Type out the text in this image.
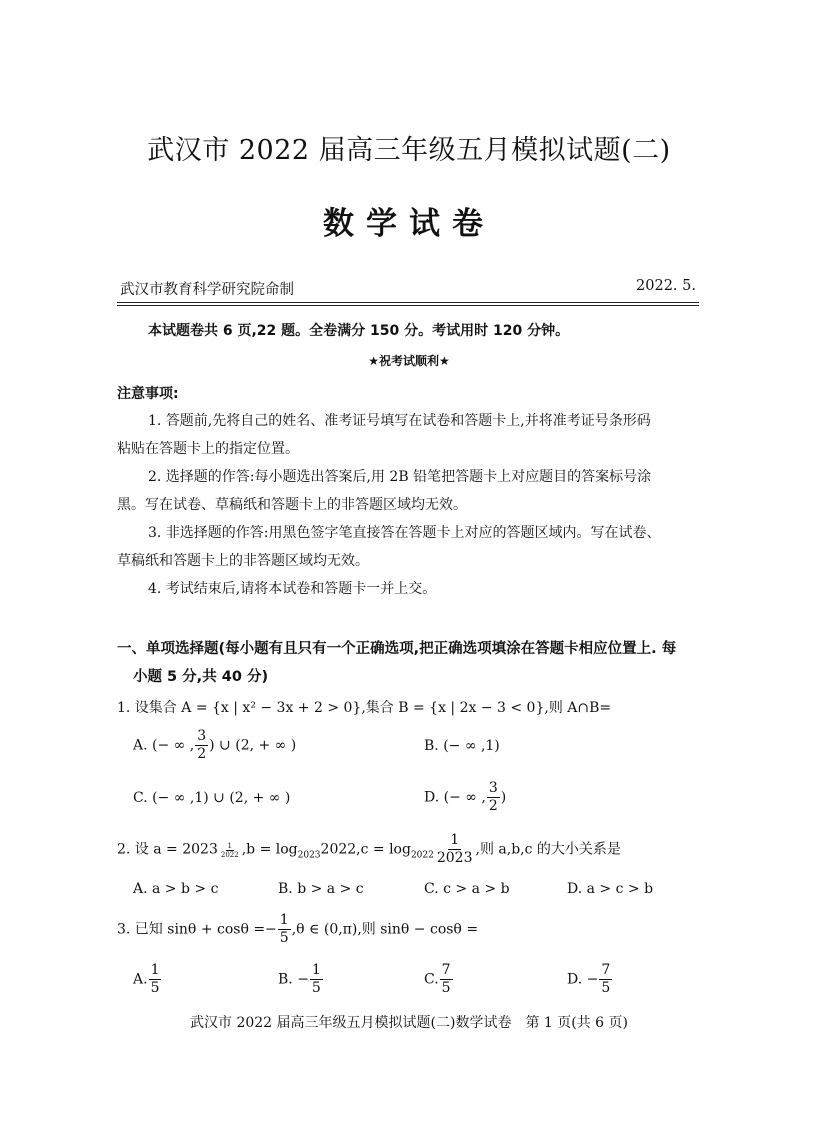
武汉市 2022 届高三年级五月模拟试题(二)
数学试卷
武汉市教育科学研究院命制	2022. 5.
本试题卷共 6 页,22 题。全卷满分 150 分。考试用时 120 分钟。
★祝考试顺利★
注意事项:
1. 答题前,先将自己的姓名、准考证号填写在试卷和答题卡上,并将准考证号条形码
粘贴在答题卡上的指定位置。
2. 选择题的作答:每小题选出答案后,用 2B 铅笔把答题卡上对应题目的答案标号涂
黑。写在试卷、草稿纸和答题卡上的非答题区域均无效。
3. 非选择题的作答:用黑色签字笔直接答在答题卡上对应的答题区域内。写在试卷、
草稿纸和答题卡上的非答题区域均无效。
4. 考试结束后,请将本试卷和答题卡一并上交。
一、单项选择题(每小题有且只有一个正确选项,把正确选项填涂在答题卡相应位置上. 每
小题 5 分,共 40 分)
1. 设集合 A = {x | x² − 3x + 2 > 0},集合 B = {x | 2x − 3 < 0},则 A∩B=
A. (− ∞ , $\frac{3}{2}$ ) ∪ (2, + ∞ )	B. (− ∞ ,1)
C. (− ∞ ,1) ∪ (2, + ∞ )	D. (− ∞ , $\frac{3}{2}$ )
2. 设 $a = 2023 \frac{1}{2022} ,b = \log_{2023}2022,c = \log_{2022} \frac{1}{2023}$ ,则 a,b,c 的大小关系是
A. a > b > c	B. b > a > c	C. c > a > b	D. a > c > b
3. 已知 $\sin\theta + \cos\theta =- \frac{1}{5} ,\theta$ ∈ (0,π),则 sinθ − cosθ =
A. $\frac{1}{5}$	B. − $\frac{1}{5}$	C. $\frac{7}{5}$	D. − $\frac{7}{5}$
武汉市 2022 届高三年级五月模拟试题(二)数学试卷　第 1 页(共 6 页)
